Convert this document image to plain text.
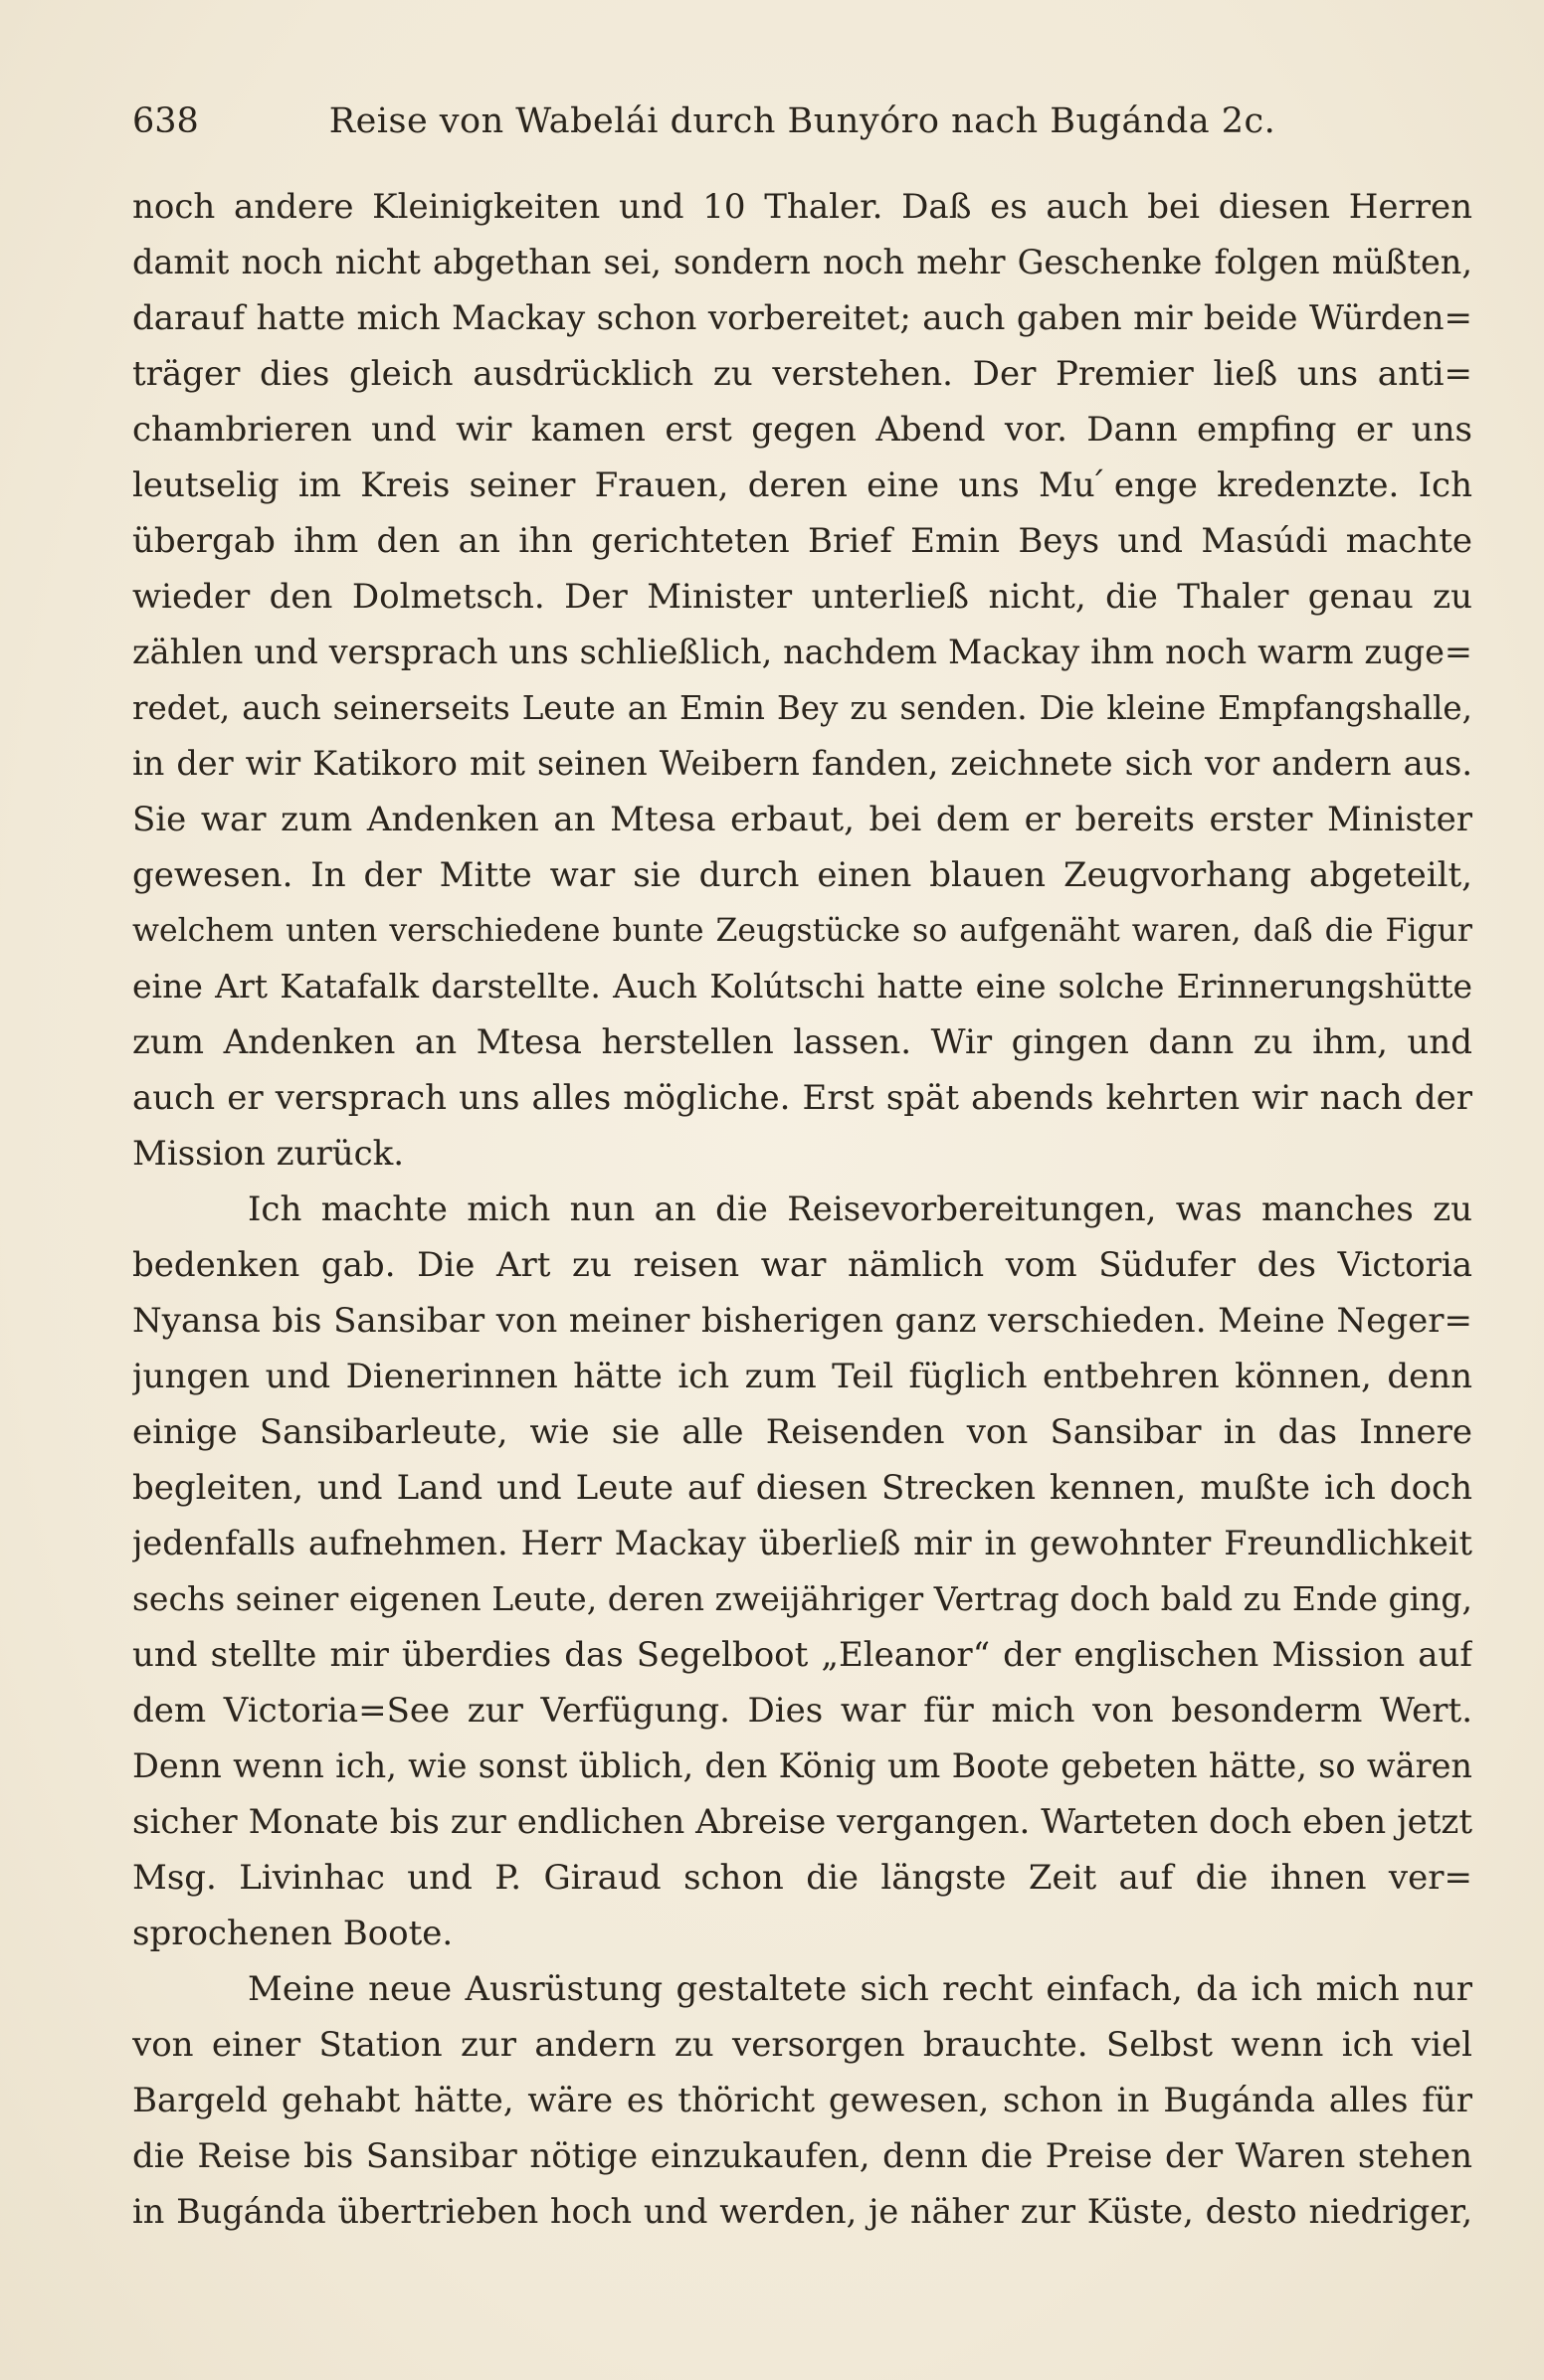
638	Reise von Wabelái durch Bunyóro nach Bugánda 2c.
noch andere Kleinigkeiten und 10 Thaler. Daß es auch bei diesen Herren
damit noch nicht abgethan sei, sondern noch mehr Geschenke folgen müßten,
darauf hatte mich Mackay schon vorbereitet; auch gaben mir beide Würden=
träger dies gleich ausdrücklich zu verstehen. Der Premier ließ uns anti=
chambrieren und wir kamen erst gegen Abend vor. Dann empfing er uns
leutselig im Kreis seiner Frauen, deren eine uns Mu ́enge kredenzte. Ich
übergab ihm den an ihn gerichteten Brief Emin Beys und Masúdi machte
wieder den Dolmetsch. Der Minister unterließ nicht, die Thaler genau zu
zählen und versprach uns schließlich, nachdem Mackay ihm noch warm zuge=
redet, auch seinerseits Leute an Emin Bey zu senden. Die kleine Empfangshalle,
in der wir Katikoro mit seinen Weibern fanden, zeichnete sich vor andern aus.
Sie war zum Andenken an Mtesa erbaut, bei dem er bereits erster Minister
gewesen. In der Mitte war sie durch einen blauen Zeugvorhang abgeteilt,
welchem unten verschiedene bunte Zeugstücke so aufgenäht waren, daß die Figur
eine Art Katafalk darstellte. Auch Kolútschi hatte eine solche Erinnerungshütte
zum Andenken an Mtesa herstellen lassen. Wir gingen dann zu ihm, und
auch er versprach uns alles mögliche. Erst spät abends kehrten wir nach der
Mission zurück.
Ich machte mich nun an die Reisevorbereitungen, was manches zu
bedenken gab. Die Art zu reisen war nämlich vom Südufer des Victoria
Nyansa bis Sansibar von meiner bisherigen ganz verschieden. Meine Neger=
jungen und Dienerinnen hätte ich zum Teil füglich entbehren können, denn
einige Sansibarleute, wie sie alle Reisenden von Sansibar in das Innere
begleiten, und Land und Leute auf diesen Strecken kennen, mußte ich doch
jedenfalls aufnehmen. Herr Mackay überließ mir in gewohnter Freundlichkeit
sechs seiner eigenen Leute, deren zweijähriger Vertrag doch bald zu Ende ging,
und stellte mir überdies das Segelboot „Eleanor“ der englischen Mission auf
dem Victoria=See zur Verfügung. Dies war für mich von besonderm Wert.
Denn wenn ich, wie sonst üblich, den König um Boote gebeten hätte, so wären
sicher Monate bis zur endlichen Abreise vergangen. Warteten doch eben jetzt
Msg. Livinhac und P. Giraud schon die längste Zeit auf die ihnen ver=
sprochenen Boote.
Meine neue Ausrüstung gestaltete sich recht einfach, da ich mich nur
von einer Station zur andern zu versorgen brauchte. Selbst wenn ich viel
Bargeld gehabt hätte, wäre es thöricht gewesen, schon in Bugánda alles für
die Reise bis Sansibar nötige einzukaufen, denn die Preise der Waren stehen
in Bugánda übertrieben hoch und werden, je näher zur Küste, desto niedriger,
